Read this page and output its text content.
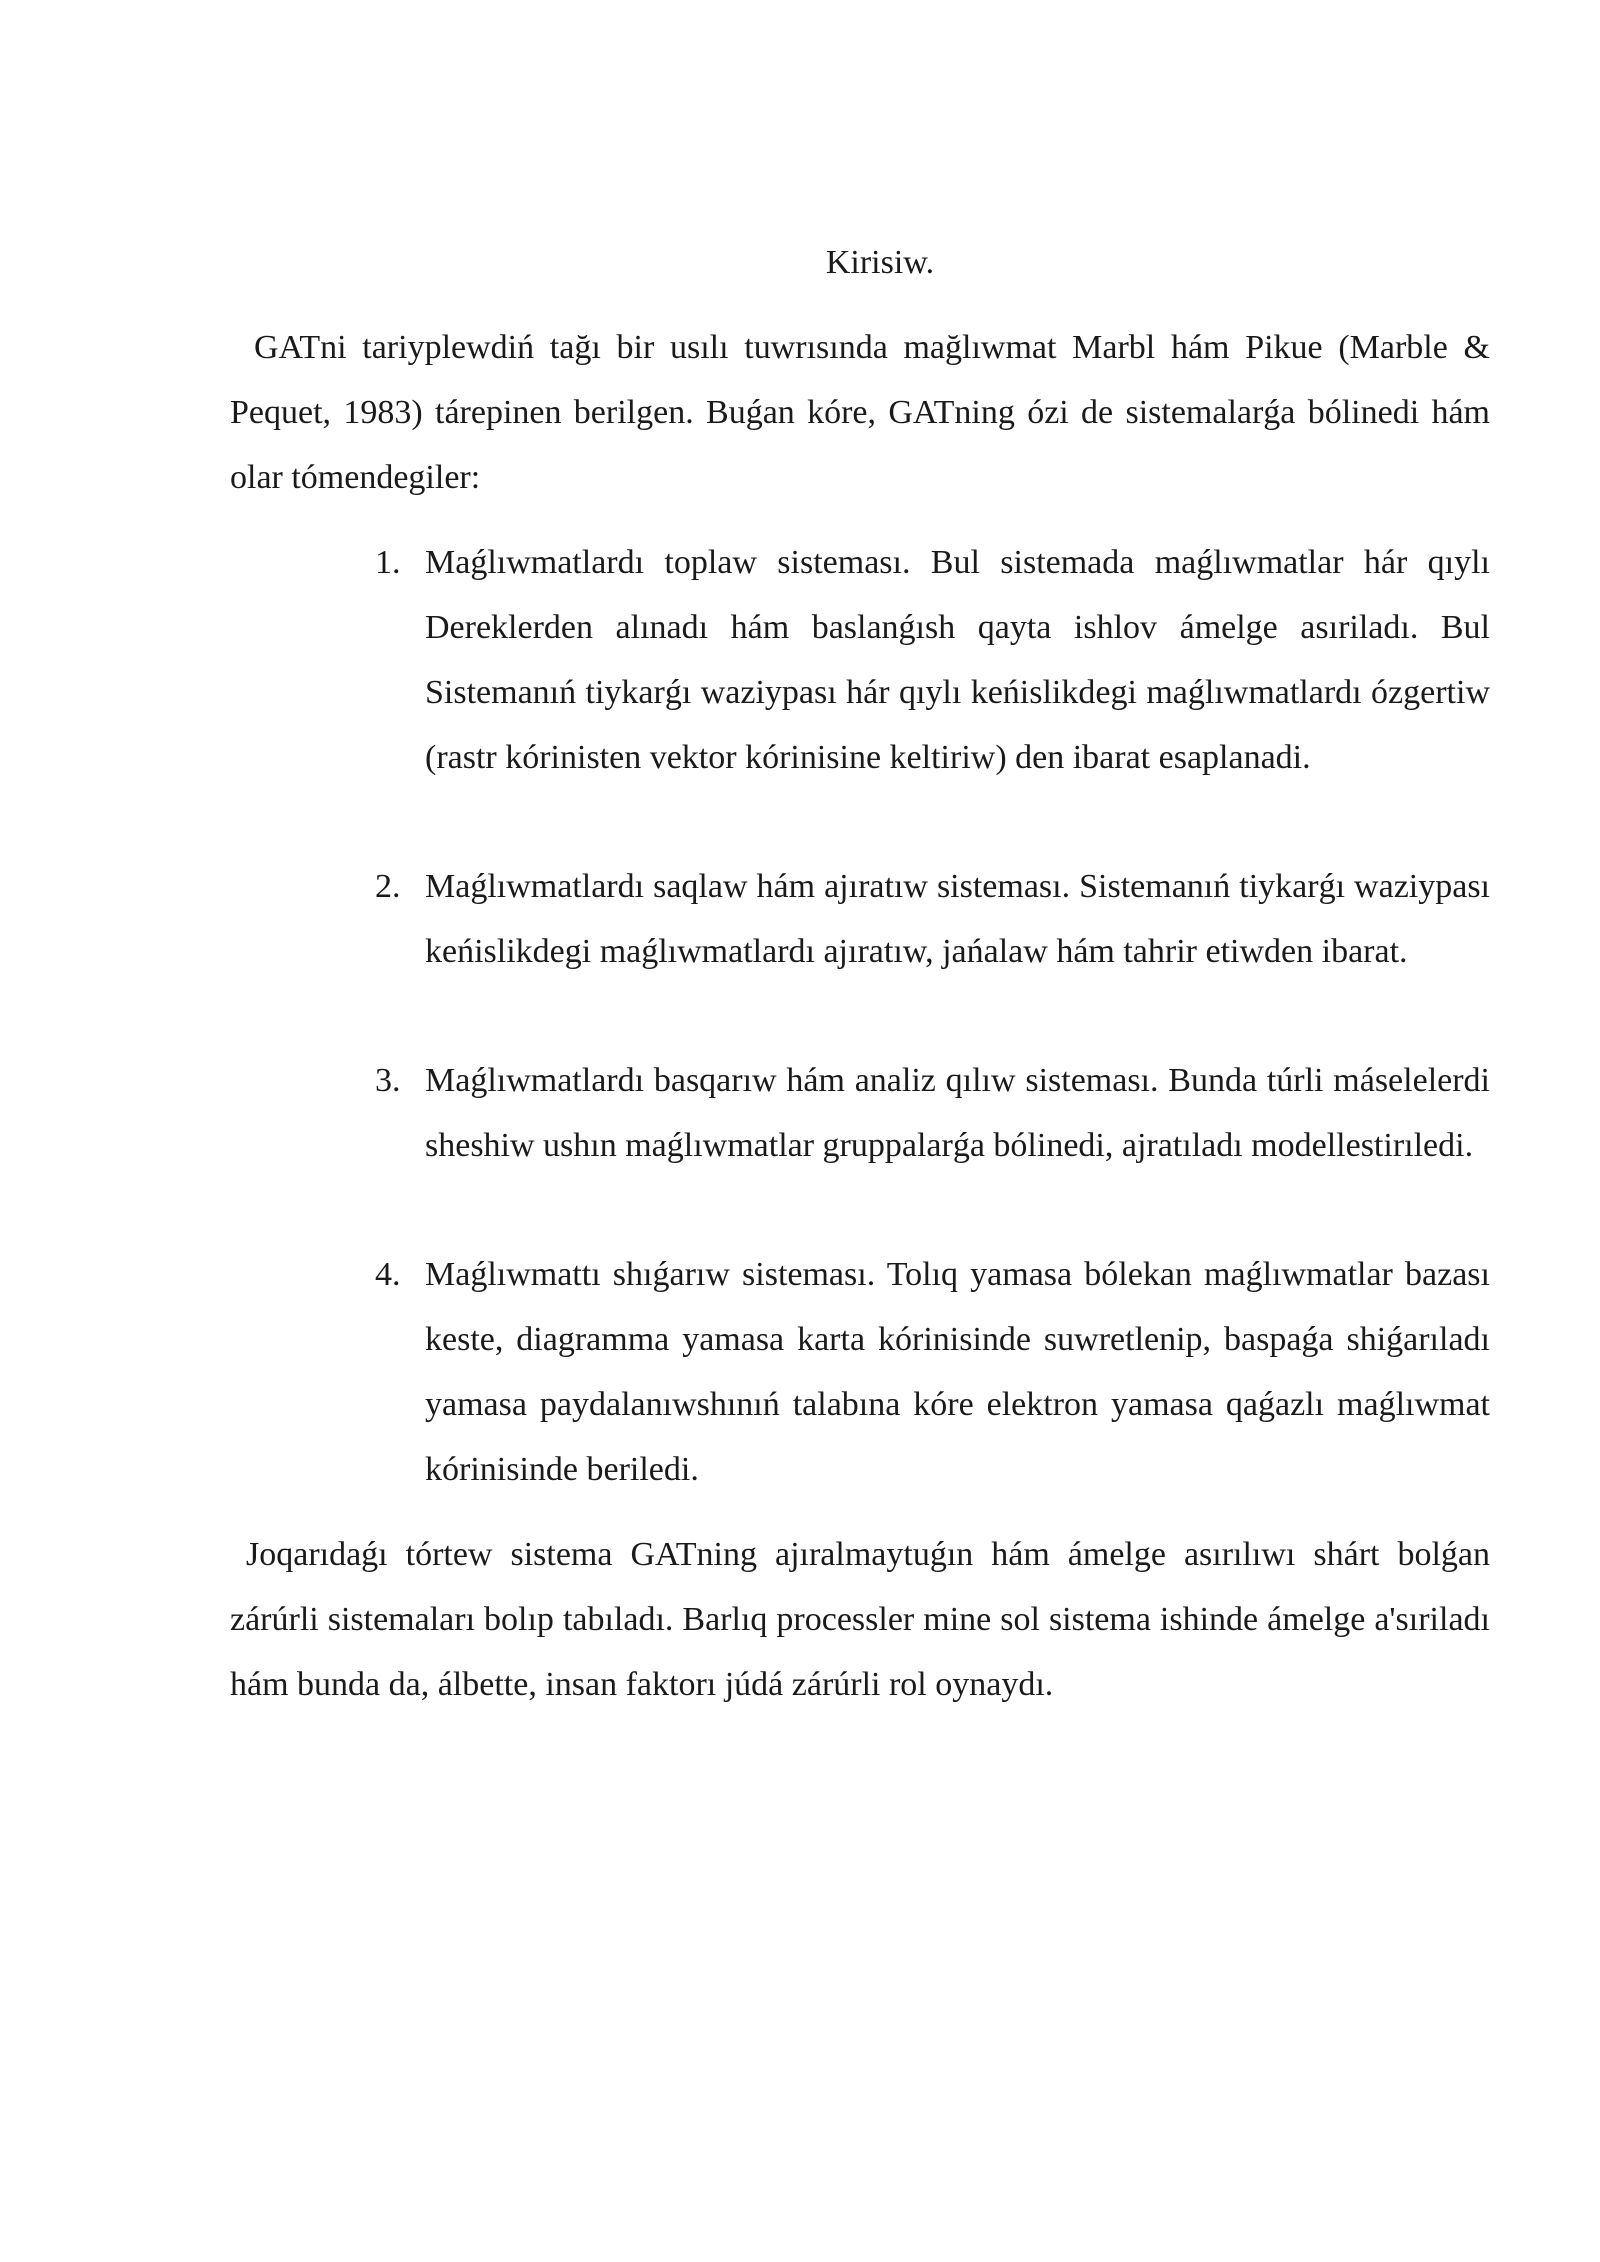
Kirisiw.

GATni tariyplewdiń tağı bir usılı tuwrısında mağlıwmat Marbl hám Pikue (Marble & Pequet, 1983) tárepinen berilgen. Buǵan kóre, GATning ózi de sistemalarǵa bólinedi hám olar tómendegiler:

1. Maǵlıwmatlardı toplaw sisteması. Bul sistemada maǵlıwmatlar hár qıylı Dereklerden alınadı hám baslanǵısh qayta ishlov ámelge asıriladı. Bul Sistemanıń tiykarǵı waziypası hár qıylı keńislikdegi maǵlıwmatlardı ózgertiw (rastr kórinisten vektor kórinisine keltiriw) den ibarat esaplanadi.
2. Maǵlıwmatlardı saqlaw hám ajıratıw sisteması. Sistemanıń tiykarǵı waziypası keńislikdegi maǵlıwmatlardı ajıratıw, jańalaw hám tahrir etiwden ibarat.
3. Maǵlıwmatlardı basqarıw hám analiz qılıw sisteması. Bunda túrli máselelerdi sheshiw ushın maǵlıwmatlar gruppalarǵa bólinedi, ajratıladı modellestirıledi.
4. Maǵlıwmattı shıǵarıw sisteması. Tolıq yamasa bólekan maǵlıwmatlar bazası keste, diagramma yamasa karta kórinisinde suwretlenip, baspaǵa shiǵarıladı yamasa paydalanıwshınıń talabına kóre elektron yamasa qaǵazlı maǵlıwmat kórinisinde beriledi.

Joqarıdaǵı tórtew sistema GATning ajıralmaytuǵın hám ámelge asırılıwı shárt bolǵan zárúrli sistemaları bolıp tabıladı. Barlıq processler mine sol sistema ishinde ámelge a'sıriladı hám bunda da, álbette, insan faktorı júdá zárúrli rol oynaydı.
